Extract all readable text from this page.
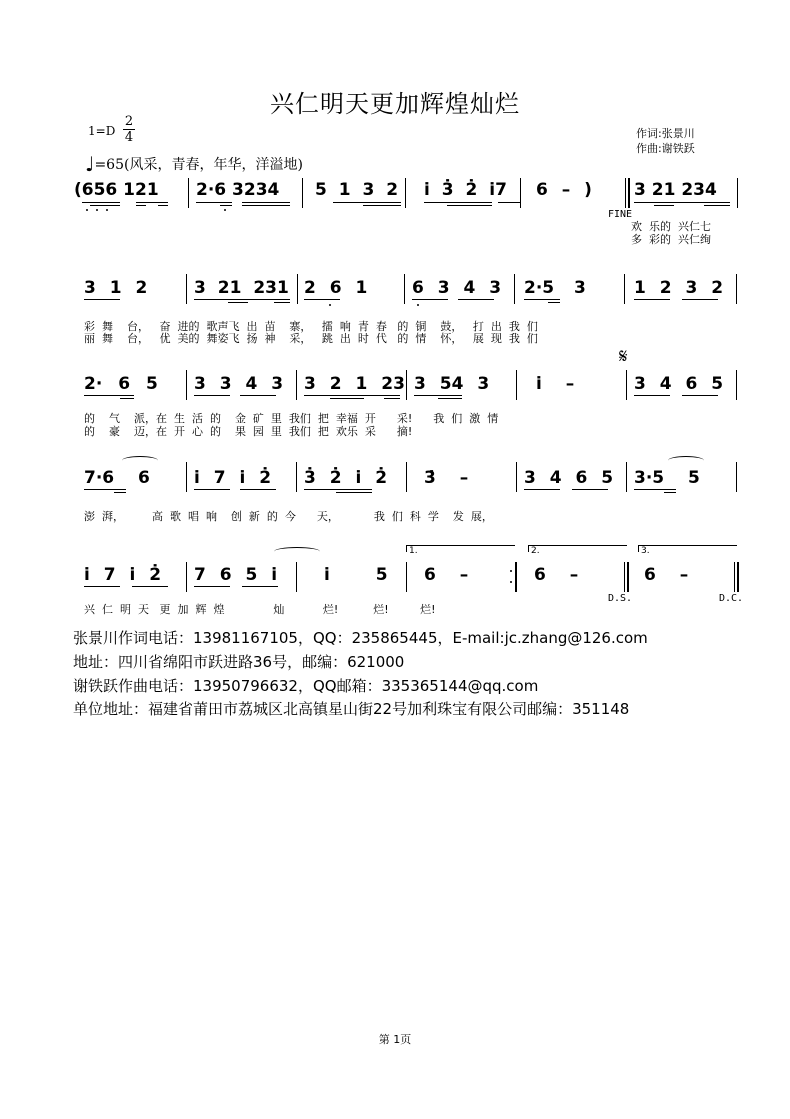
兴仁明天更加辉煌灿烂
1=D
2
4
♩=65(风采，青春，年华，洋溢地)
作词:张景川
作曲:谢铁跃
(656 121 2·6 3234 5 1 3 2 i̇ 3̇ 2̇ i̇7 6 – ) 3 21 234
FINE
欢  乐的  兴仁七
多  彩的  兴仁绚
3 1 2	3 21 231 2 6 1	6 3 4 3 2·5 3	1 2 3 2
彩  舞    台，   奋  进的  歌声飞  出  苗    寨，   擂  响  青  春   的  铜    鼓，   打  出  我  们
丽  舞    台，   优  美的  舞姿飞  扬  神    采，   跳  出  时  代   的  情    怀，   展  现  我  们
𝄋
2· 6 5 3 3 4 3 3 2 1 23 3 54 3	i̇ –	3 4 6 5
的    气    派，在  生  活  的    金  矿  里  我们  把  幸福  开      采!      我  们  激  情
的    豪    迈，在  开  心  的    果  园  里  我们  把  欢乐  采      摘!
7·6 6	i̇ 7 i̇ 2̇ 3̇ 2̇ i̇ 2̇ 3̇ –	3 4 6 5 3·5 5
澎  湃，        高  歌  唱  响    创  新  的  今      天，          我  们  科  学    发  展，
1.	2.	3.
i̇ 7 i̇ 2̇ 7 6 5 i̇	i̇ 5 6 –	6 –	6 –
D.S.	D.C.
兴  仁  明  天   更  加  辉  煌              灿           烂!          烂!         烂!
张景川作词电话：13981167105，QQ：235865445，E-mail:jc.zhang@126.com
地址：四川省绵阳市跃进路36号，邮编：621000
谢铁跃作曲电话：13950796632，QQ邮箱：335365144@qq.com
单位地址：福建省莆田市荔城区北高镇星山街22号加利珠宝有限公司邮编：351148
第 1页
